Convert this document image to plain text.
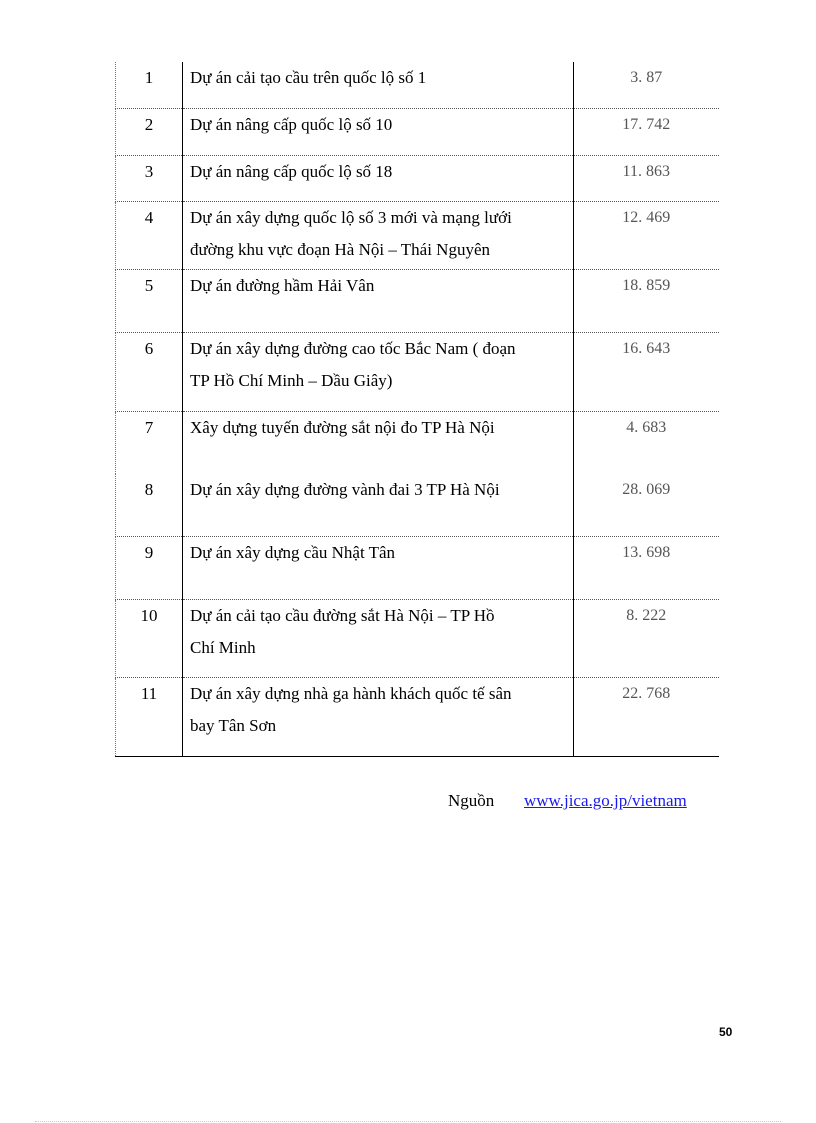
1	Dự án cải tạo cầu trên quốc lộ số 1	3. 87
2	Dự án nâng cấp quốc lộ số 10	17. 742
3	Dự án nâng cấp quốc lộ số 18	11. 863
4	Dự án xây dựng quốc lộ số 3 mới và mạng lưới
đường khu vực đoạn Hà Nội – Thái Nguyên	12. 469
5	Dự án đường hầm Hải Vân	18. 859
6	Dự án xây dựng đường cao tốc Bắc Nam ( đoạn
TP Hồ Chí Minh – Dầu Giây)	16. 643
7	Xây dựng tuyến đường sắt nội đo TP Hà Nội	4. 683
8	Dự án xây dựng đường vành đai 3 TP Hà Nội	28. 069
9	Dự án xây dựng cầu Nhật Tân	13. 698
10	Dự án cải tạo cầu đường sắt Hà Nội – TP Hồ
Chí Minh	8. 222
11	Dự án xây dựng nhà ga hành khách quốc tế sân
bay Tân Sơn	22. 768
Nguồn www.jica.go.jp/vietnam
50
